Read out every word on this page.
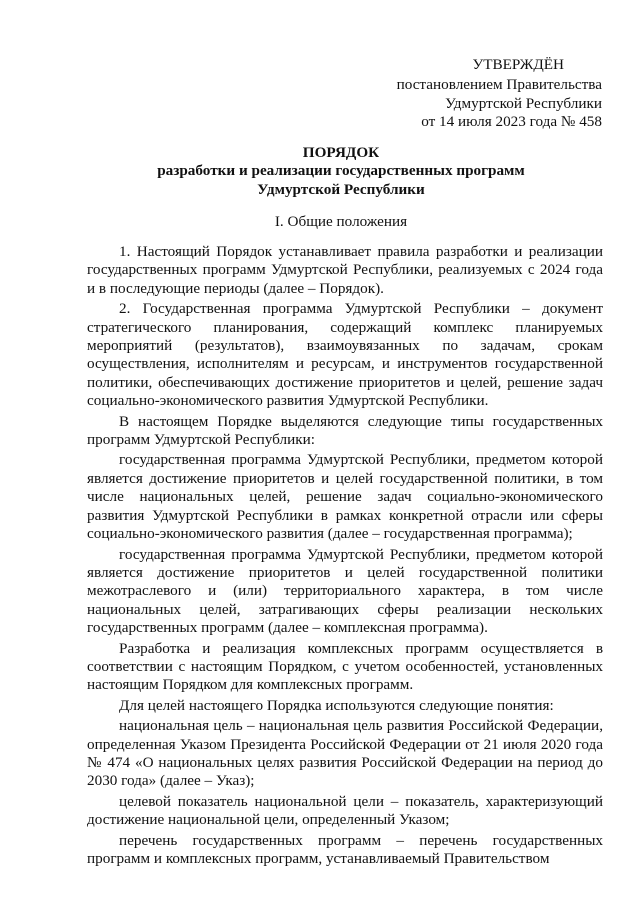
УТВЕРЖДЁН
постановлением Правительства
Удмуртской Республики
от 14 июля 2023 года № 458
ПОРЯДОК
разработки и реализации государственных программ
Удмуртской Республики
I. Общие положения

1. Настоящий Порядок устанавливает правила разработки и реализации государственных программ Удмуртской Республики, реализуемых с 2024 года и в последующие периоды (далее – Порядок).

2. Государственная программа Удмуртской Республики – документ стратегического планирования, содержащий комплекс планируемых мероприятий (результатов), взаимоувязанных по задачам, срокам осуществления, исполнителям и ресурсам, и инструментов государственной политики, обеспечивающих достижение приоритетов и целей, решение задач социально-экономического развития Удмуртской Республики.

В настоящем Порядке выделяются следующие типы государственных программ Удмуртской Республики:

государственная программа Удмуртской Республики, предметом которой является достижение приоритетов и целей государственной политики, в том числе национальных целей, решение задач социально-экономического развития Удмуртской Республики в рамках конкретной отрасли или сферы социально-экономического развития (далее – государственная программа);

государственная программа Удмуртской Республики, предметом которой является достижение приоритетов и целей государственной политики межотраслевого и (или) территориального характера, в том числе национальных целей, затрагивающих сферы реализации нескольких государственных программ (далее – комплексная программа).

Разработка и реализация комплексных программ осуществляется в соответствии с настоящим Порядком, с учетом особенностей, установленных настоящим Порядком для комплексных программ.

Для целей настоящего Порядка используются следующие понятия:

национальная цель – национальная цель развития Российской Федерации, определенная Указом Президента Российской Федерации от 21 июля 2020 года № 474 «О национальных целях развития Российской Федерации на период до 2030 года» (далее – Указ);

целевой показатель национальной цели – показатель, характеризующий достижение национальной цели, определенный Указом;

перечень государственных программ – перечень государственных программ и комплексных программ, устанавливаемый Правительством
